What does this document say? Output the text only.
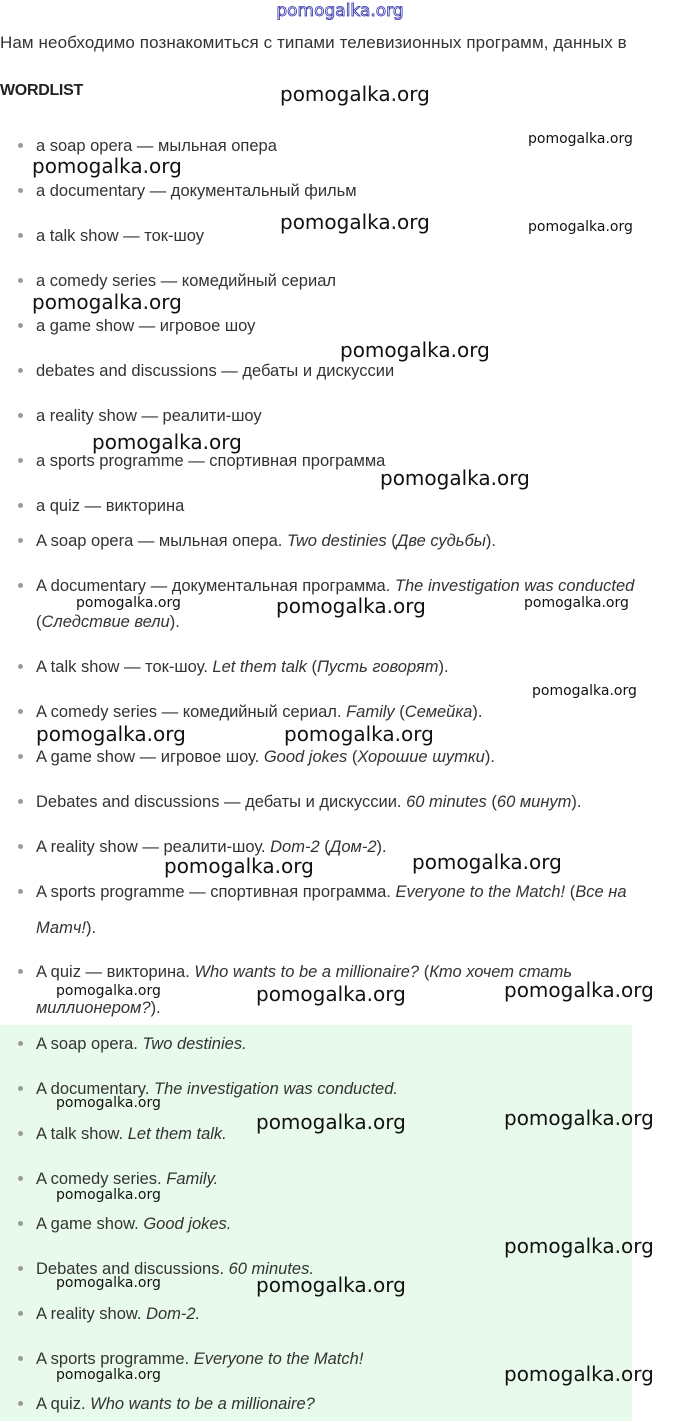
pomogalka.org
Нам необходимо познакомиться с типами телевизионных программ, данных в
WORDLIST
a soap opera — мыльная опера
a documentary — документальный фильм
a talk show — ток-шоу
a comedy series — комедийный сериал
a game show — игровое шоу
debates and discussions — дебаты и дискуссии
a reality show — реалити-шоу
a sports programme — спортивная программа
a quiz — викторина
A soap opera — мыльная опера. Two destinies (Две судьбы).
A documentary — документальная программа. The investigation was conducted (Следствие вели).
A talk show — ток-шоу. Let them talk (Пусть говорят).
A comedy series — комедийный сериал. Family (Семейка).
A game show — игровое шоу. Good jokes (Хорошие шутки).
Debates and discussions — дебаты и дискуссии. 60 minutes (60 минут).
A reality show — реалити-шоу. Dom-2 (Дом-2).
A sports programme — спортивная программа. Everyone to the Match! (Все на Матч!).
A quiz — викторина. Who wants to be a millionaire? (Кто хочет стать миллионером?).
A soap opera. Two destinies.
A documentary. The investigation was conducted.
A talk show. Let them talk.
A comedy series. Family.
A game show. Good jokes.
Debates and discussions. 60 minutes.
A reality show. Dom-2.
A sports programme. Everyone to the Match!
A quiz. Who wants to be a millionaire?
pomogalka.org
pomogalka.org
pomogalka.org
pomogalka.org	pomogalka.org
pomogalka.org
pomogalka.org
pomogalka.org
pomogalka.org
pomogalka.org	pomogalka.org	pomogalka.org
pomogalka.org
pomogalka.org	pomogalka.org
pomogalka.org	pomogalka.org
pomogalka.org	pomogalka.org	pomogalka.org
pomogalka.org
pomogalka.org	pomogalka.org
pomogalka.org
pomogalka.org
pomogalka.org	pomogalka.org
pomogalka.org	pomogalka.org
